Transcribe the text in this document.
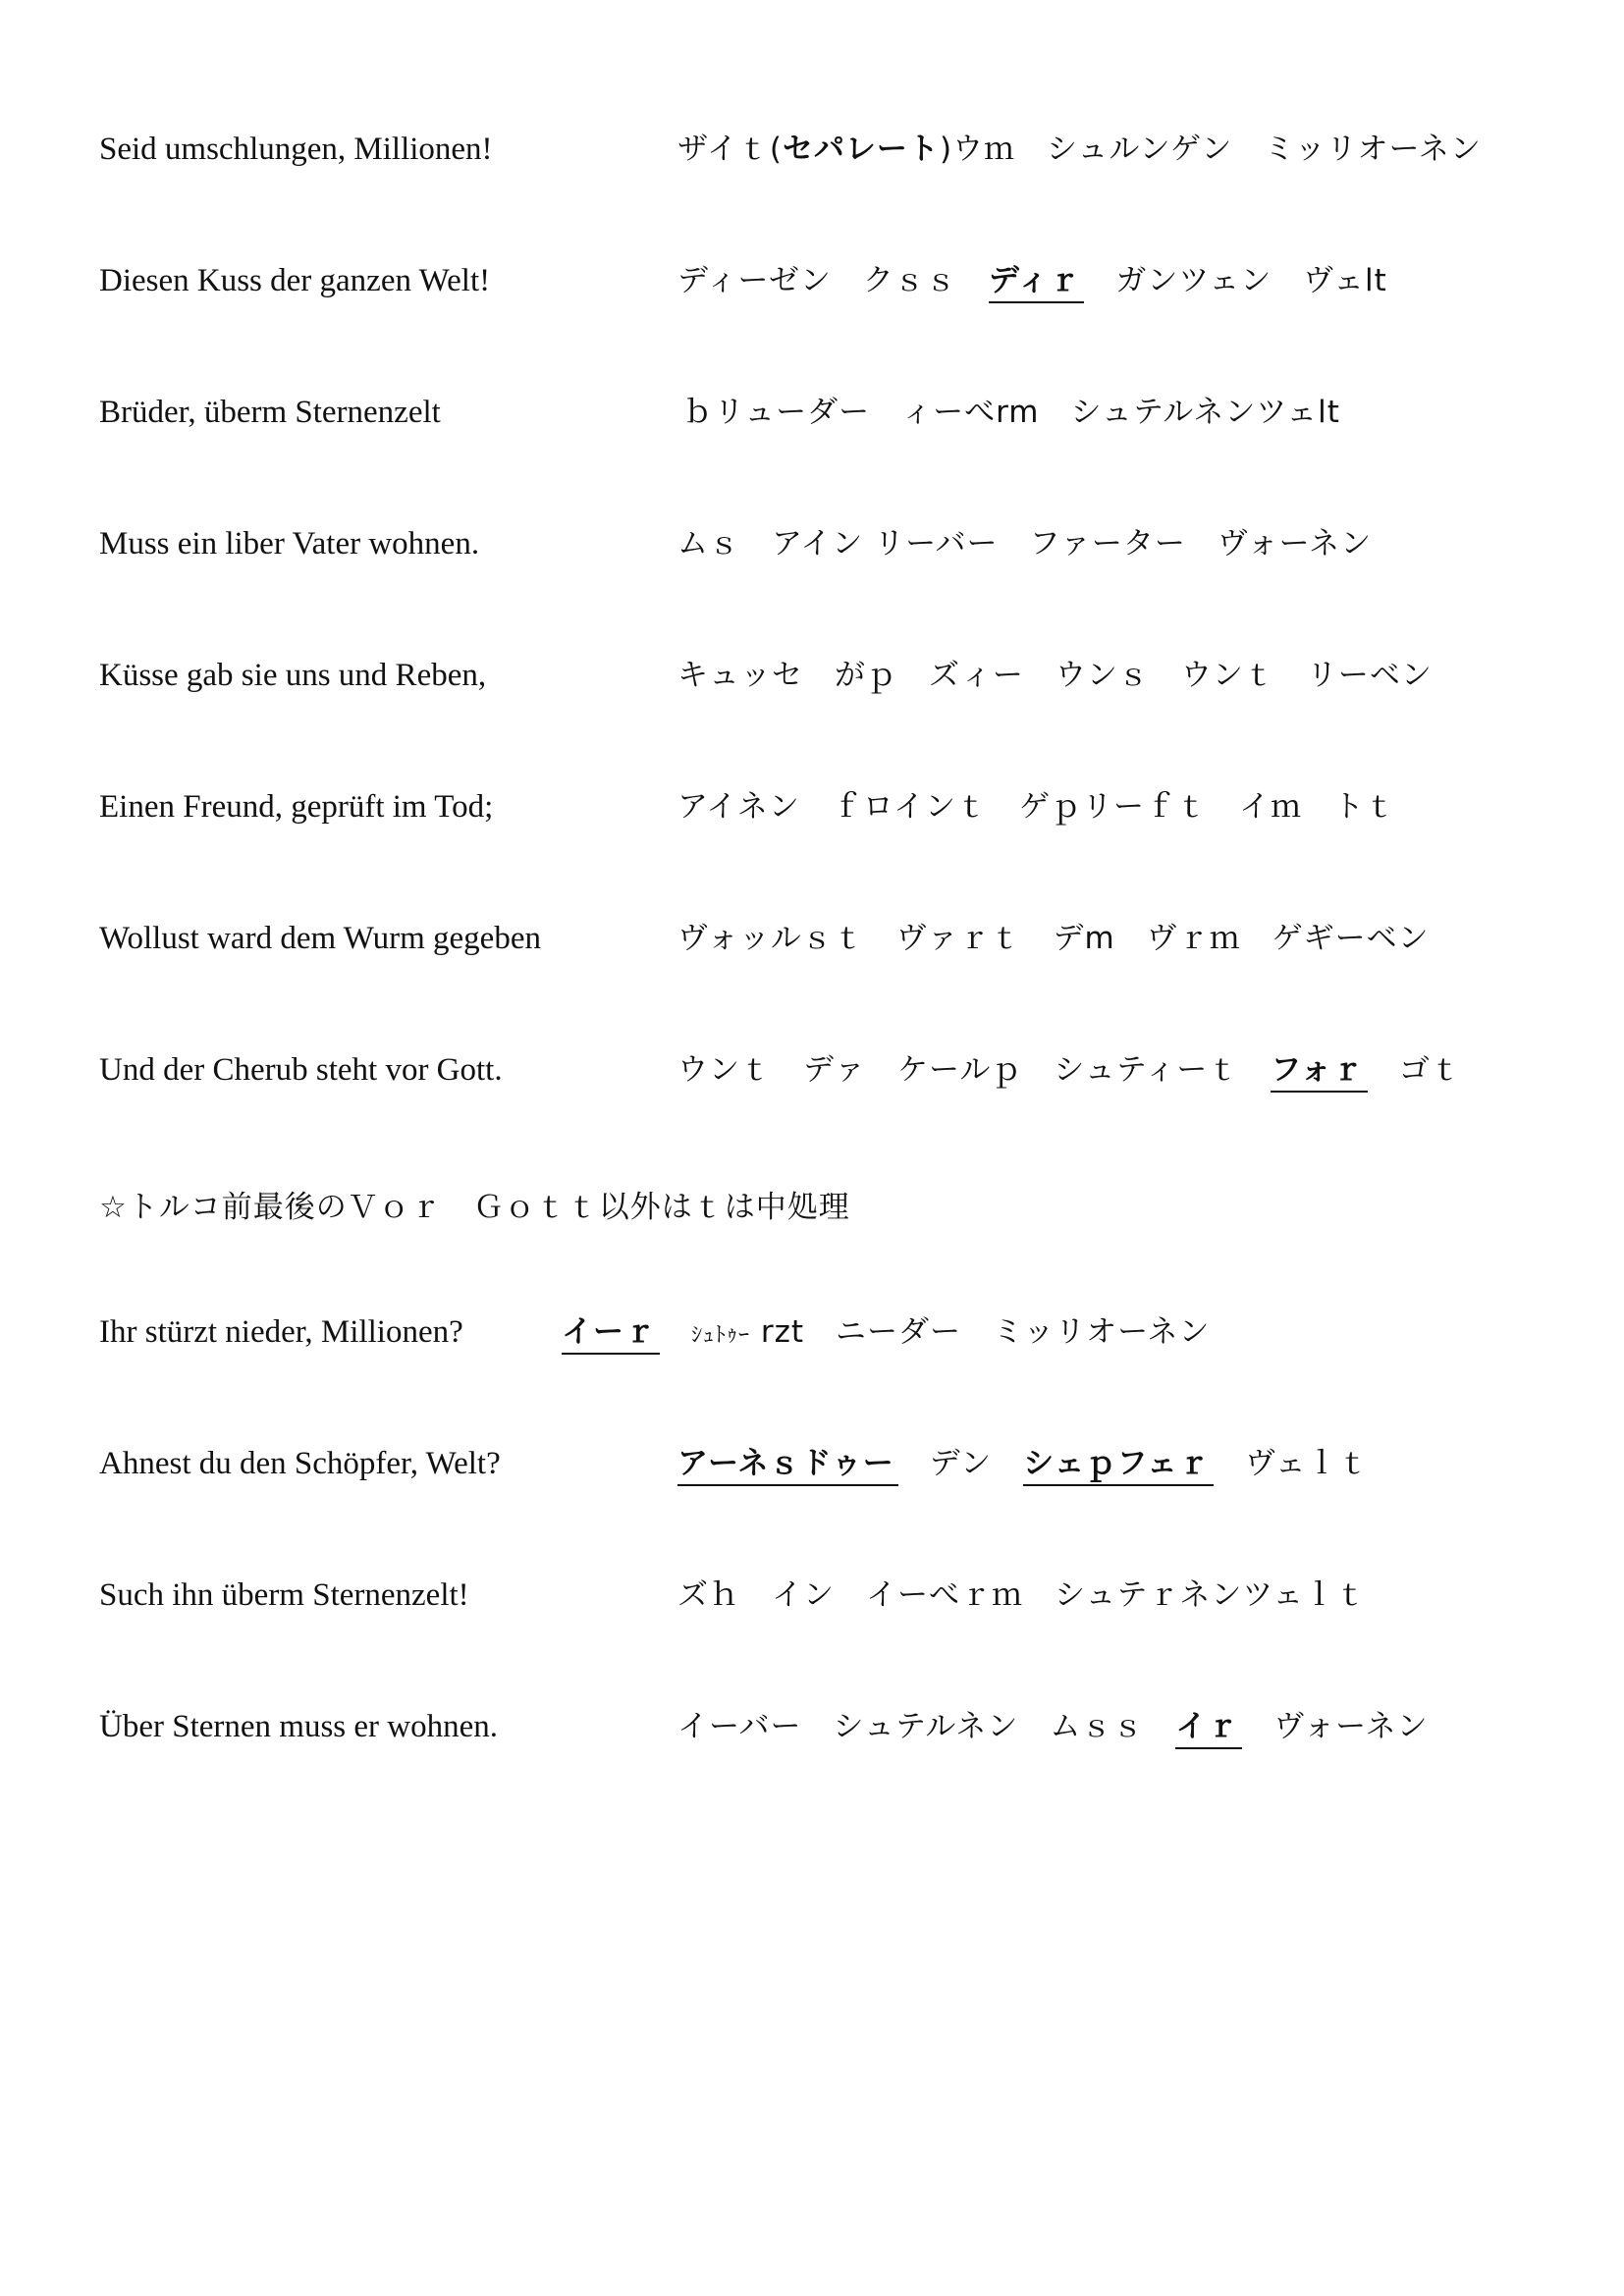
Seid umschlungen, Millionen!	ザイｔ(セパレート)ウｍ　シュルンゲン　ミッリオーネン
Diesen Kuss der ganzen Welt!	ディーゼン　クｓｓ　ディｒ　ガンツェン　ヴェlt
Brüder, überm Sternenzelt	ｂリューダー　ィーべrm　シュテルネンツェlt
Muss ein liber Vater wohnen.	ムｓ　アイン リーバー　ファーター　ヴォーネン
Küsse gab sie uns und Reben,	キュッセ　がｐ　ズィー　ウンｓ　ウンｔ　リーベン
Einen Freund, geprüft im Tod;	アイネン　ｆロインｔ　ゲｐリーｆｔ　イｍ　トｔ
Wollust ward dem Wurm gegeben	ヴォッルｓｔ　ヴァｒｔ　デm　ヴｒｍ　ゲギーベン
Und der Cherub steht vor Gott.	ウンｔ　デァ　ケールｐ　シュティーｔ　フォｒ　ゴｔ
☆トルコ前最後のＶｏｒ　Ｇｏｔｔ以外はｔは中処理
Ihr stürzt nieder, Millionen?	イーｒ　 ｼｭﾄｩｰ rzt　ニーダー　ミッリオーネン
Ahnest du den Schöpfer, Welt?	アーネｓドゥー　デン　シェｐフェｒ　ヴェｌｔ
Such ihn überm Sternenzelt!	ズｈ　イン　イーべｒｍ　シュテｒネンツェｌｔ
Über Sternen muss er wohnen.	イーバー　シュテルネン　ムｓｓ　イｒ　ヴォーネン
